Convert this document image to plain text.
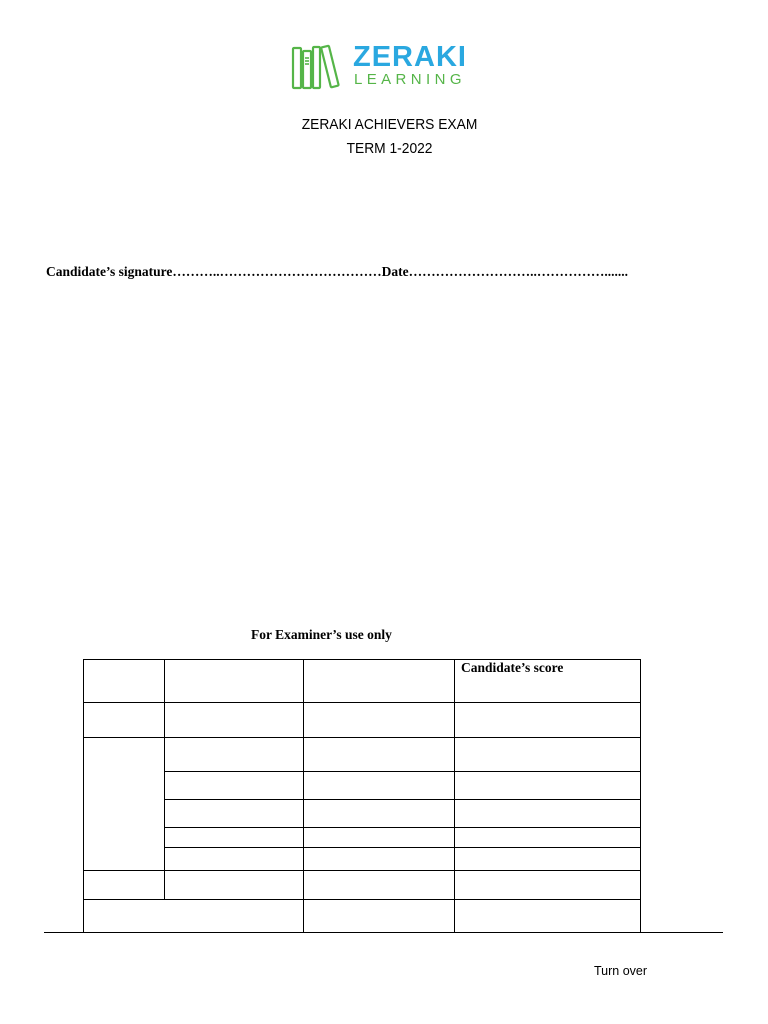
ZERAKI
LEARNING
ZERAKI ACHIEVERS EXAM
TERM 1-2022
Candidate’s signature………..………………………………Date………………………..…………….......
For Examiner’s use only
Candidate’s score
Turn over
